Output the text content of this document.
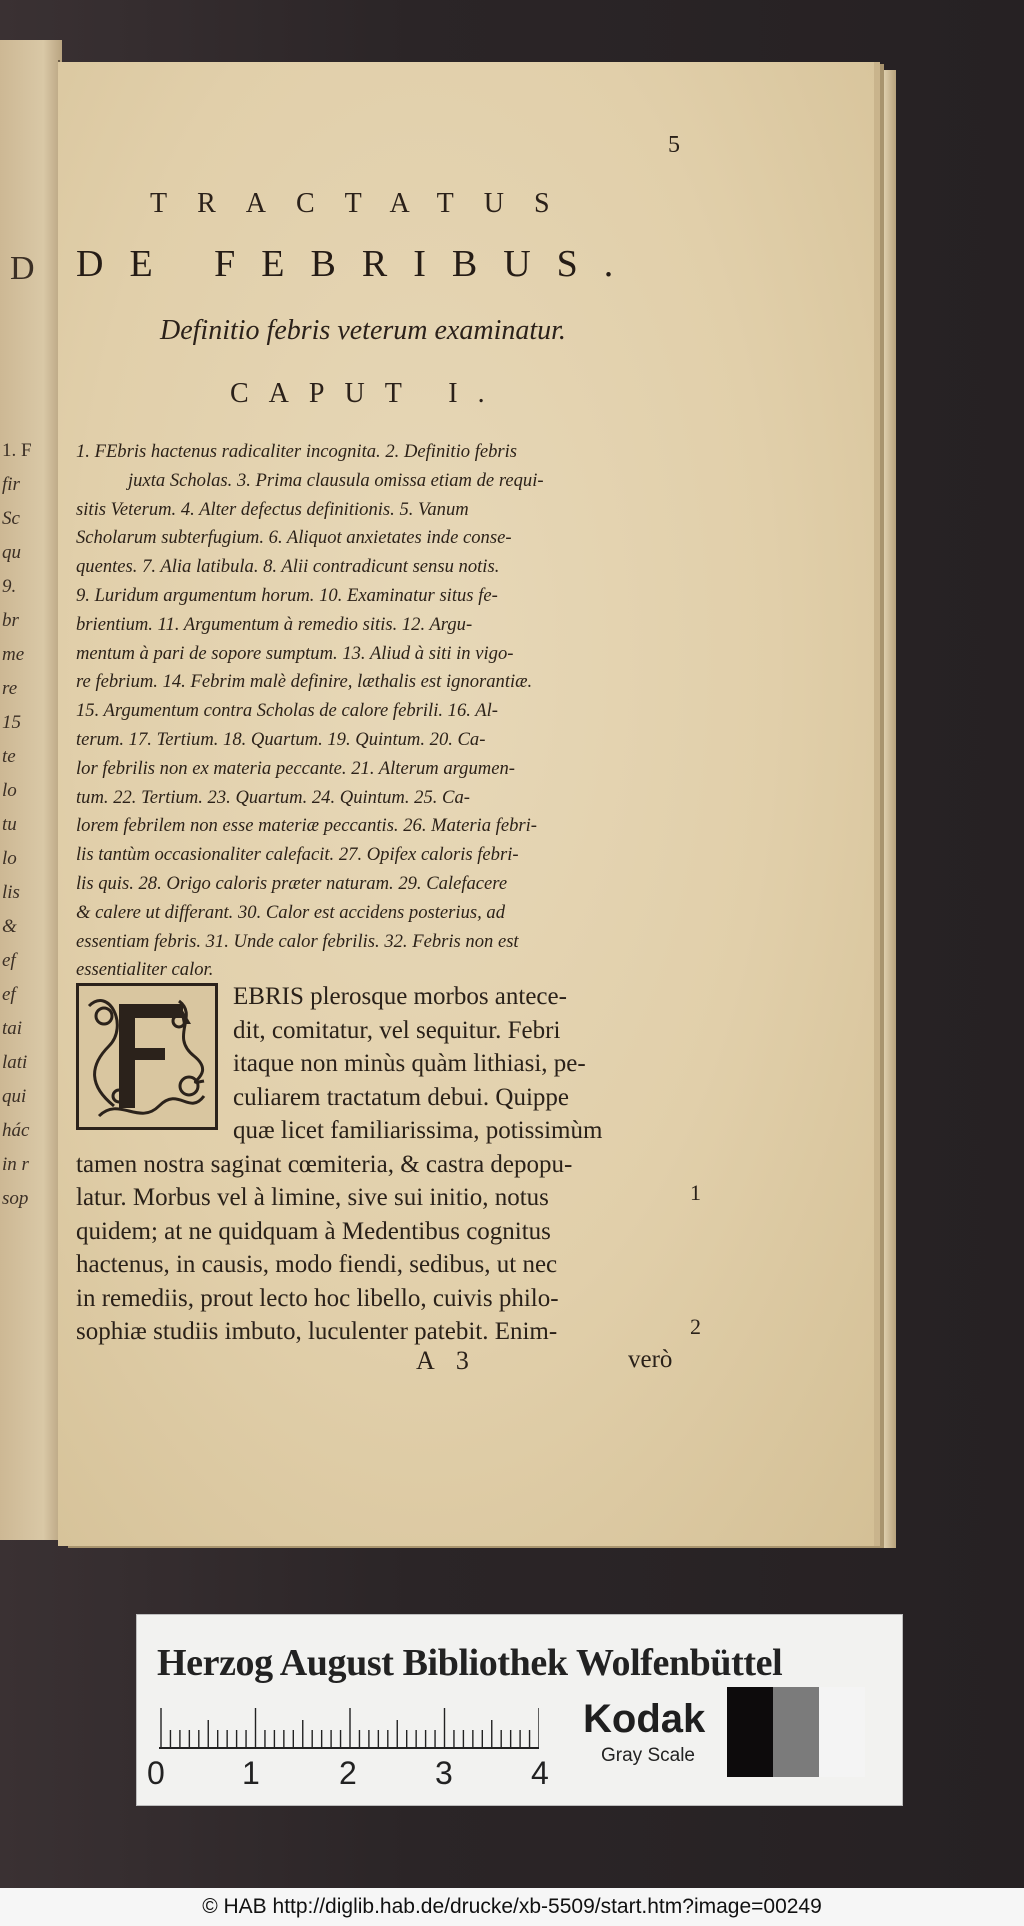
D
1. F
fir
Sc
qu
9.
br
me
re
15
te
lo
tu
lo
lis
&
ef
ef
tai
lati
qui
hác
in r
sop
5
TRACTATUS
DE FEBRIBUS.
Definitio febris veterum examinatur.
CAPUT I.
1. FEbris hactenus radicaliter incognita. 2. Definitio febris
juxta Scholas. 3. Prima clausula omissa etiam de requi-
sitis Veterum. 4. Alter defectus definitionis. 5. Vanum
Scholarum subterfugium. 6. Aliquot anxietates inde conse-
quentes. 7. Alia latibula. 8. Alii contradicunt sensu notis.
9. Luridum argumentum horum. 10. Examinatur situs fe-
brientium. 11. Argumentum à remedio sitis. 12. Argu-
mentum à pari de sopore sumptum. 13. Aliud à siti in vigo-
re febrium. 14. Febrim malè definire, læthalis est ignorantiæ.
15. Argumentum contra Scholas de calore febrili. 16. Al-
terum. 17. Tertium. 18. Quartum. 19. Quintum. 20. Ca-
lor febrilis non ex materia peccante. 21. Alterum argumen-
tum. 22. Tertium. 23. Quartum. 24. Quintum. 25. Ca-
lorem febrilem non esse materiæ peccantis. 26. Materia febri-
lis tantùm occasionaliter calefacit. 27. Opifex caloris febri-
lis quis. 28. Origo caloris præter naturam. 29. Calefacere
& calere ut differant. 30. Calor est accidens posterius, ad
essentiam febris. 31. Unde calor febrilis. 32. Febris non est
essentialiter calor.
EBRIS plerosque morbos antece-
dit, comitatur, vel sequitur. Febri
itaque non minùs quàm lithiasi, pe-
culiarem tractatum debui. Quippe
quæ licet familiarissima, potissimùm
tamen nostra saginat cœmiteria, & castra depopu-
latur. Morbus vel à limine, sive sui initio, notus
quidem; at ne quidquam à Medentibus cognitus
hactenus, in causis, modo fiendi, sedibus, ut nec
in remediis, prout lecto hoc libello, cuivis philo-
sophiæ studiis imbuto, luculenter patebit. Enim-
1
2
A 3	verò
Herzog August Bibliothek Wolfenbüttel
0 1 2 3 4
Kodak
Gray Scale
© HAB http://diglib.hab.de/drucke/xb-5509/start.htm?image=00249
